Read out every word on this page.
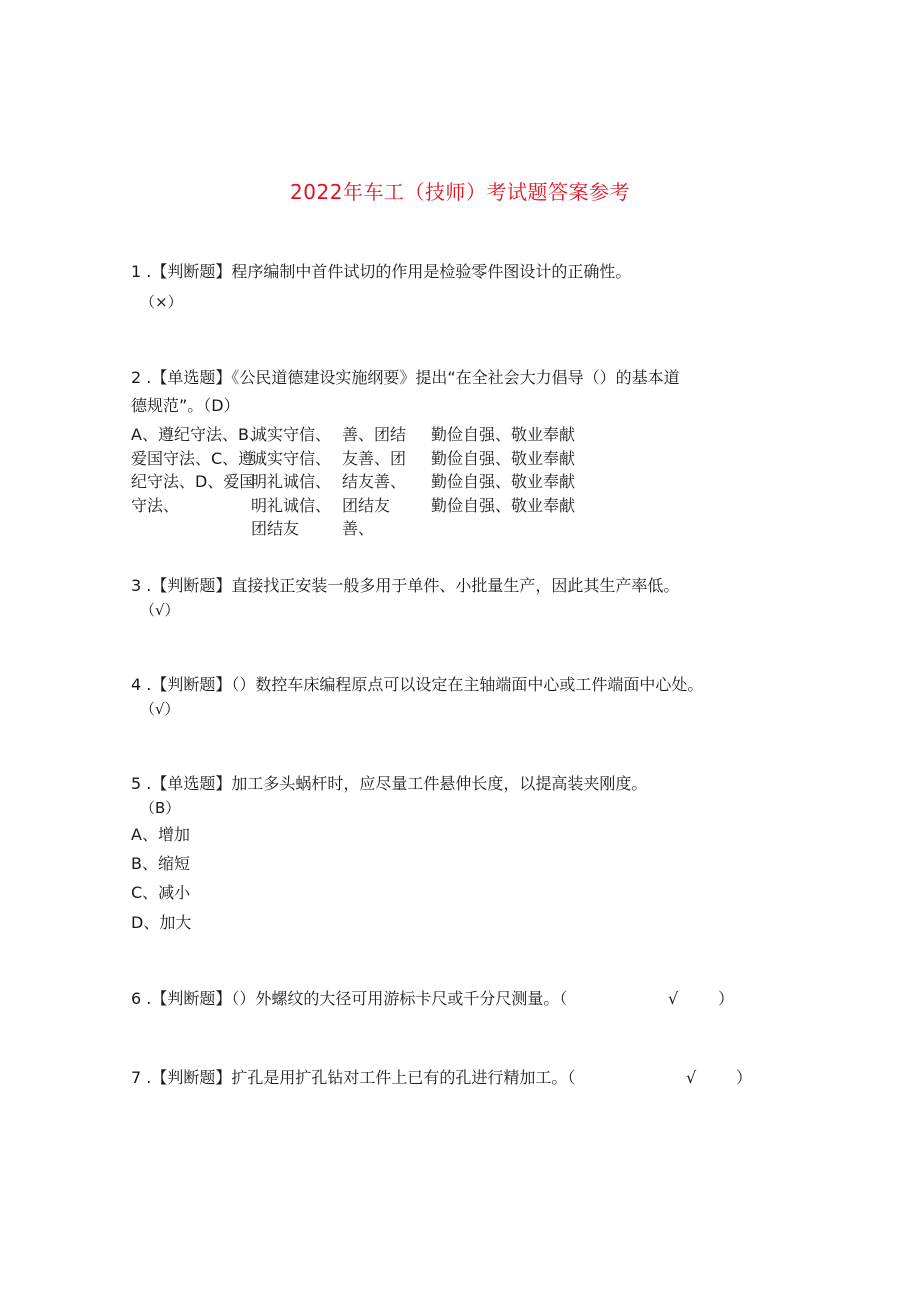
2022年车工（技师）考试题答案参考
1 .【判断题】程序编制中首件试切的作用是检验零件图设计的正确性。
（×）
2 .【单选题】《公民道德建设实施纲要》提出“在全社会大力倡导（）的基本道
德规范”。（D）
A、遵纪守法、B、
爱国守法、C、遵
纪守法、D、爱国
守法、
诚实守信、
诚实守信、
明礼诚信、
明礼诚信、
团结友
善、团结
友善、团
结友善、
团结友
善、
勤俭自强、敬业奉献
勤俭自强、敬业奉献
勤俭自强、敬业奉献
勤俭自强、敬业奉献
3 .【判断题】直接找正安装一般多用于单件、小批量生产，因此其生产率低。
（√）
4 .【判断题】（）数控车床编程原点可以设定在主轴端面中心或工件端面中心处。
（√）
5 .【单选题】加工多头蜗杆时，应尽量工件悬伸长度，以提高装夹刚度。
（B）
A、增加
B、缩短
C、减小
D、加大
6 .【判断题】（）外螺纹的大径可用游标卡尺或千分尺测量。（	√ ）
7 .【判断题】扩孔是用扩孔钻对工件上已有的孔进行精加工。（	√ ）
